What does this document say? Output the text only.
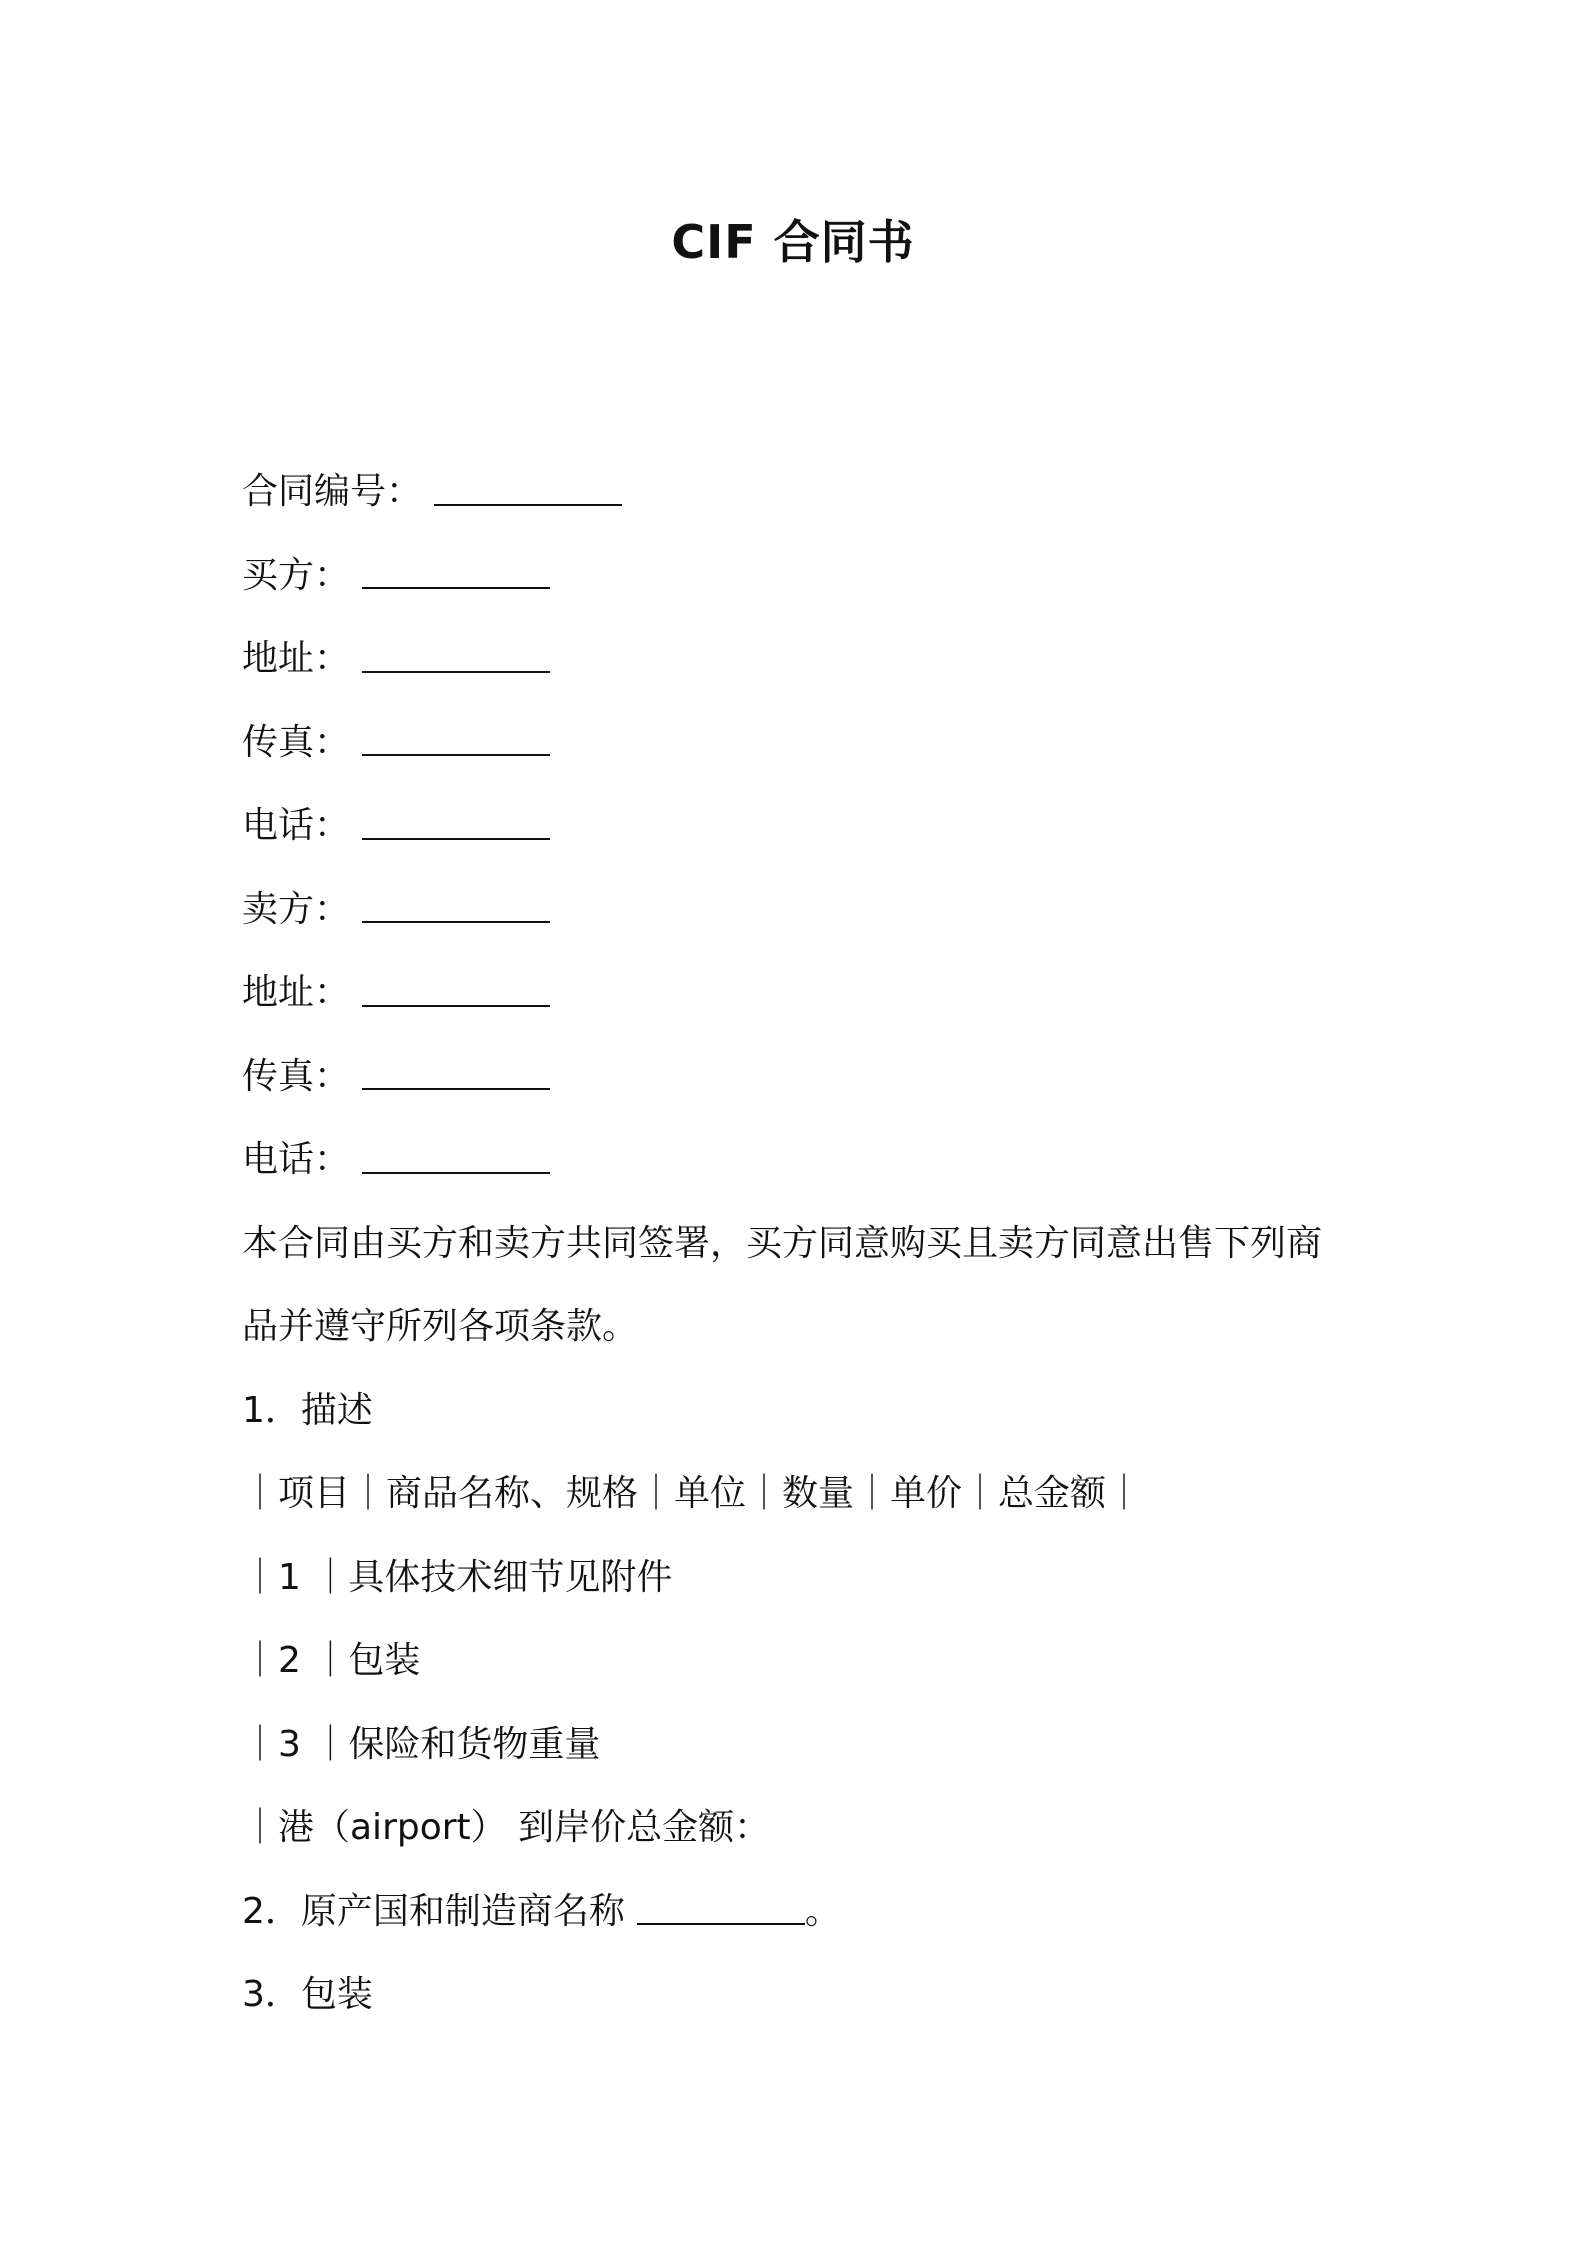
CIF 合同书
合同编号：
买方：
地址：
传真：
电话：
卖方：
地址：
传真：
电话：
本合同由买方和卖方共同签署，买方同意购买且卖方同意出售下列商
品并遵守所列各项条款。
1．描述
｜项目｜商品名称、规格｜单位｜数量｜单价｜总金额｜
｜1 ｜具体技术细节见附件
｜2 ｜包装
｜3 ｜保险和货物重量
｜港（airport） 到岸价总金额：
2．原产国和制造商名称	。
3．包装
